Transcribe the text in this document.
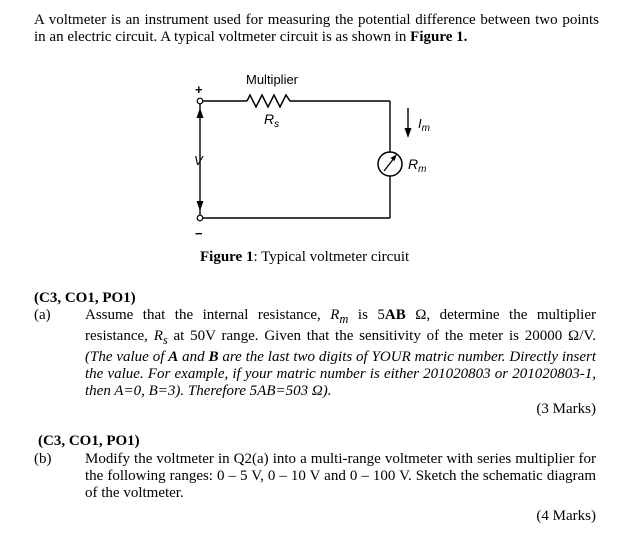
A voltmeter is an instrument used for measuring the potential difference between two points in an electric circuit. A typical voltmeter circuit is as shown in Figure 1.
Multiplier
$R_s$	$I_m$
$R_m$
+
−
V
Figure 1: Typical voltmeter circuit
(C3, CO1, PO1)
(a) Assume that the internal resistance, $R_m$ is 5AB Ω, determine the multiplier resistance, $R_s$ at 50V range. Given that the sensitivity of the meter is 20000 Ω/V. (The value of A and B are the last two digits of YOUR matric number. Directly insert the value. For example, if your matric number is either 201020803 or 201020803-1, then A=0, B=3). Therefore 5AB=503 Ω).
(3 Marks)
(C3, CO1, PO1)
(b) Modify the voltmeter in Q2(a) into a multi-range voltmeter with series multiplier for the following ranges: 0 – 5 V, 0 – 10 V and 0 – 100 V. Sketch the schematic diagram of the voltmeter.
(4 Marks)
